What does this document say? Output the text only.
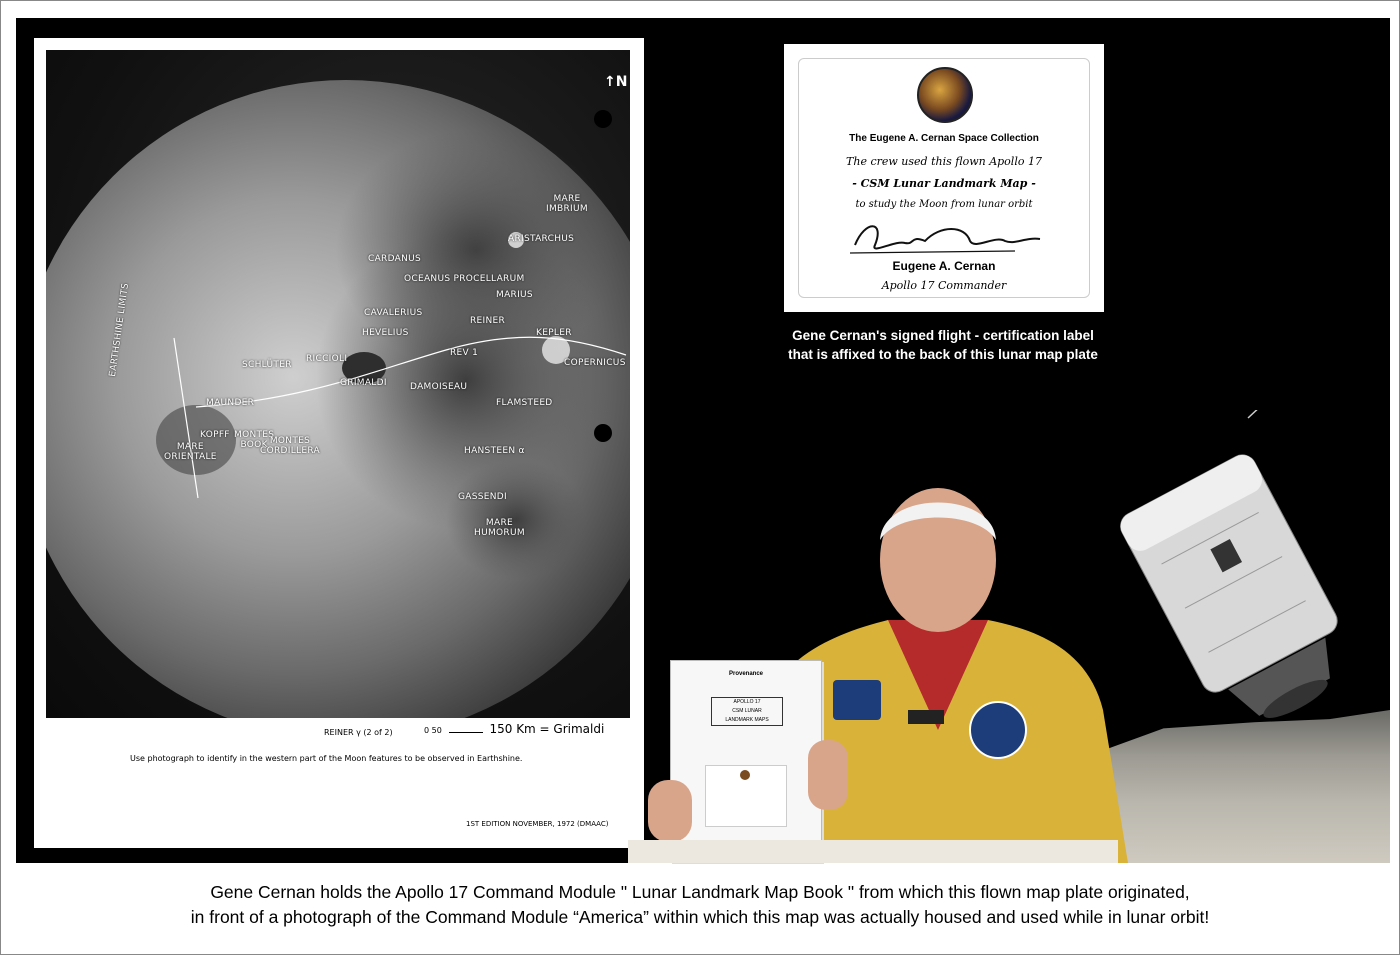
MARE
IMBRIUM
ARISTARCHUS
CARDANUS
OCEANUS PROCELLARUM
MARIUS
CAVALERIUS
REINER
HEVELIUS	KEPLER
RICCIOLI
SCHLÜTER
REV 1
COPERNICUS
GRIMALDI	DAMOISEAU
EARTHSHINE LIMITS
MAUNDER	FLAMSTEED
KOPFF MONTES
BOOK MONTES
CORDILLERA
MARE
ORIENTALE
HANSTEEN α
GASSENDI
MARE
HUMORUM
↑N
REINER γ (2 of 2)	0 50	150 Km = Grimaldi
Use photograph to identify in the western part of the Moon features to be observed in Earthshine.
1ST EDITION NOVEMBER, 1972 (DMAAC)
The Eugene A. Cernan Space Collection
The crew used this flown Apollo 17
- CSM Lunar Landmark Map -
to study the Moon from lunar orbit
Eugene A. Cernan
Apollo 17 Commander
Gene Cernan's signed flight - certification label
that is affixed to the back of this lunar map plate
Provenance
APOLLO 17
CSM LUNAR
LANDMARK MAPS
Gene Cernan holds the Apollo 17 Command Module " Lunar Landmark Map Book " from which this flown map plate originated,
in front of a photograph of the Command Module “America” within which this map was actually housed and used while in lunar orbit!
